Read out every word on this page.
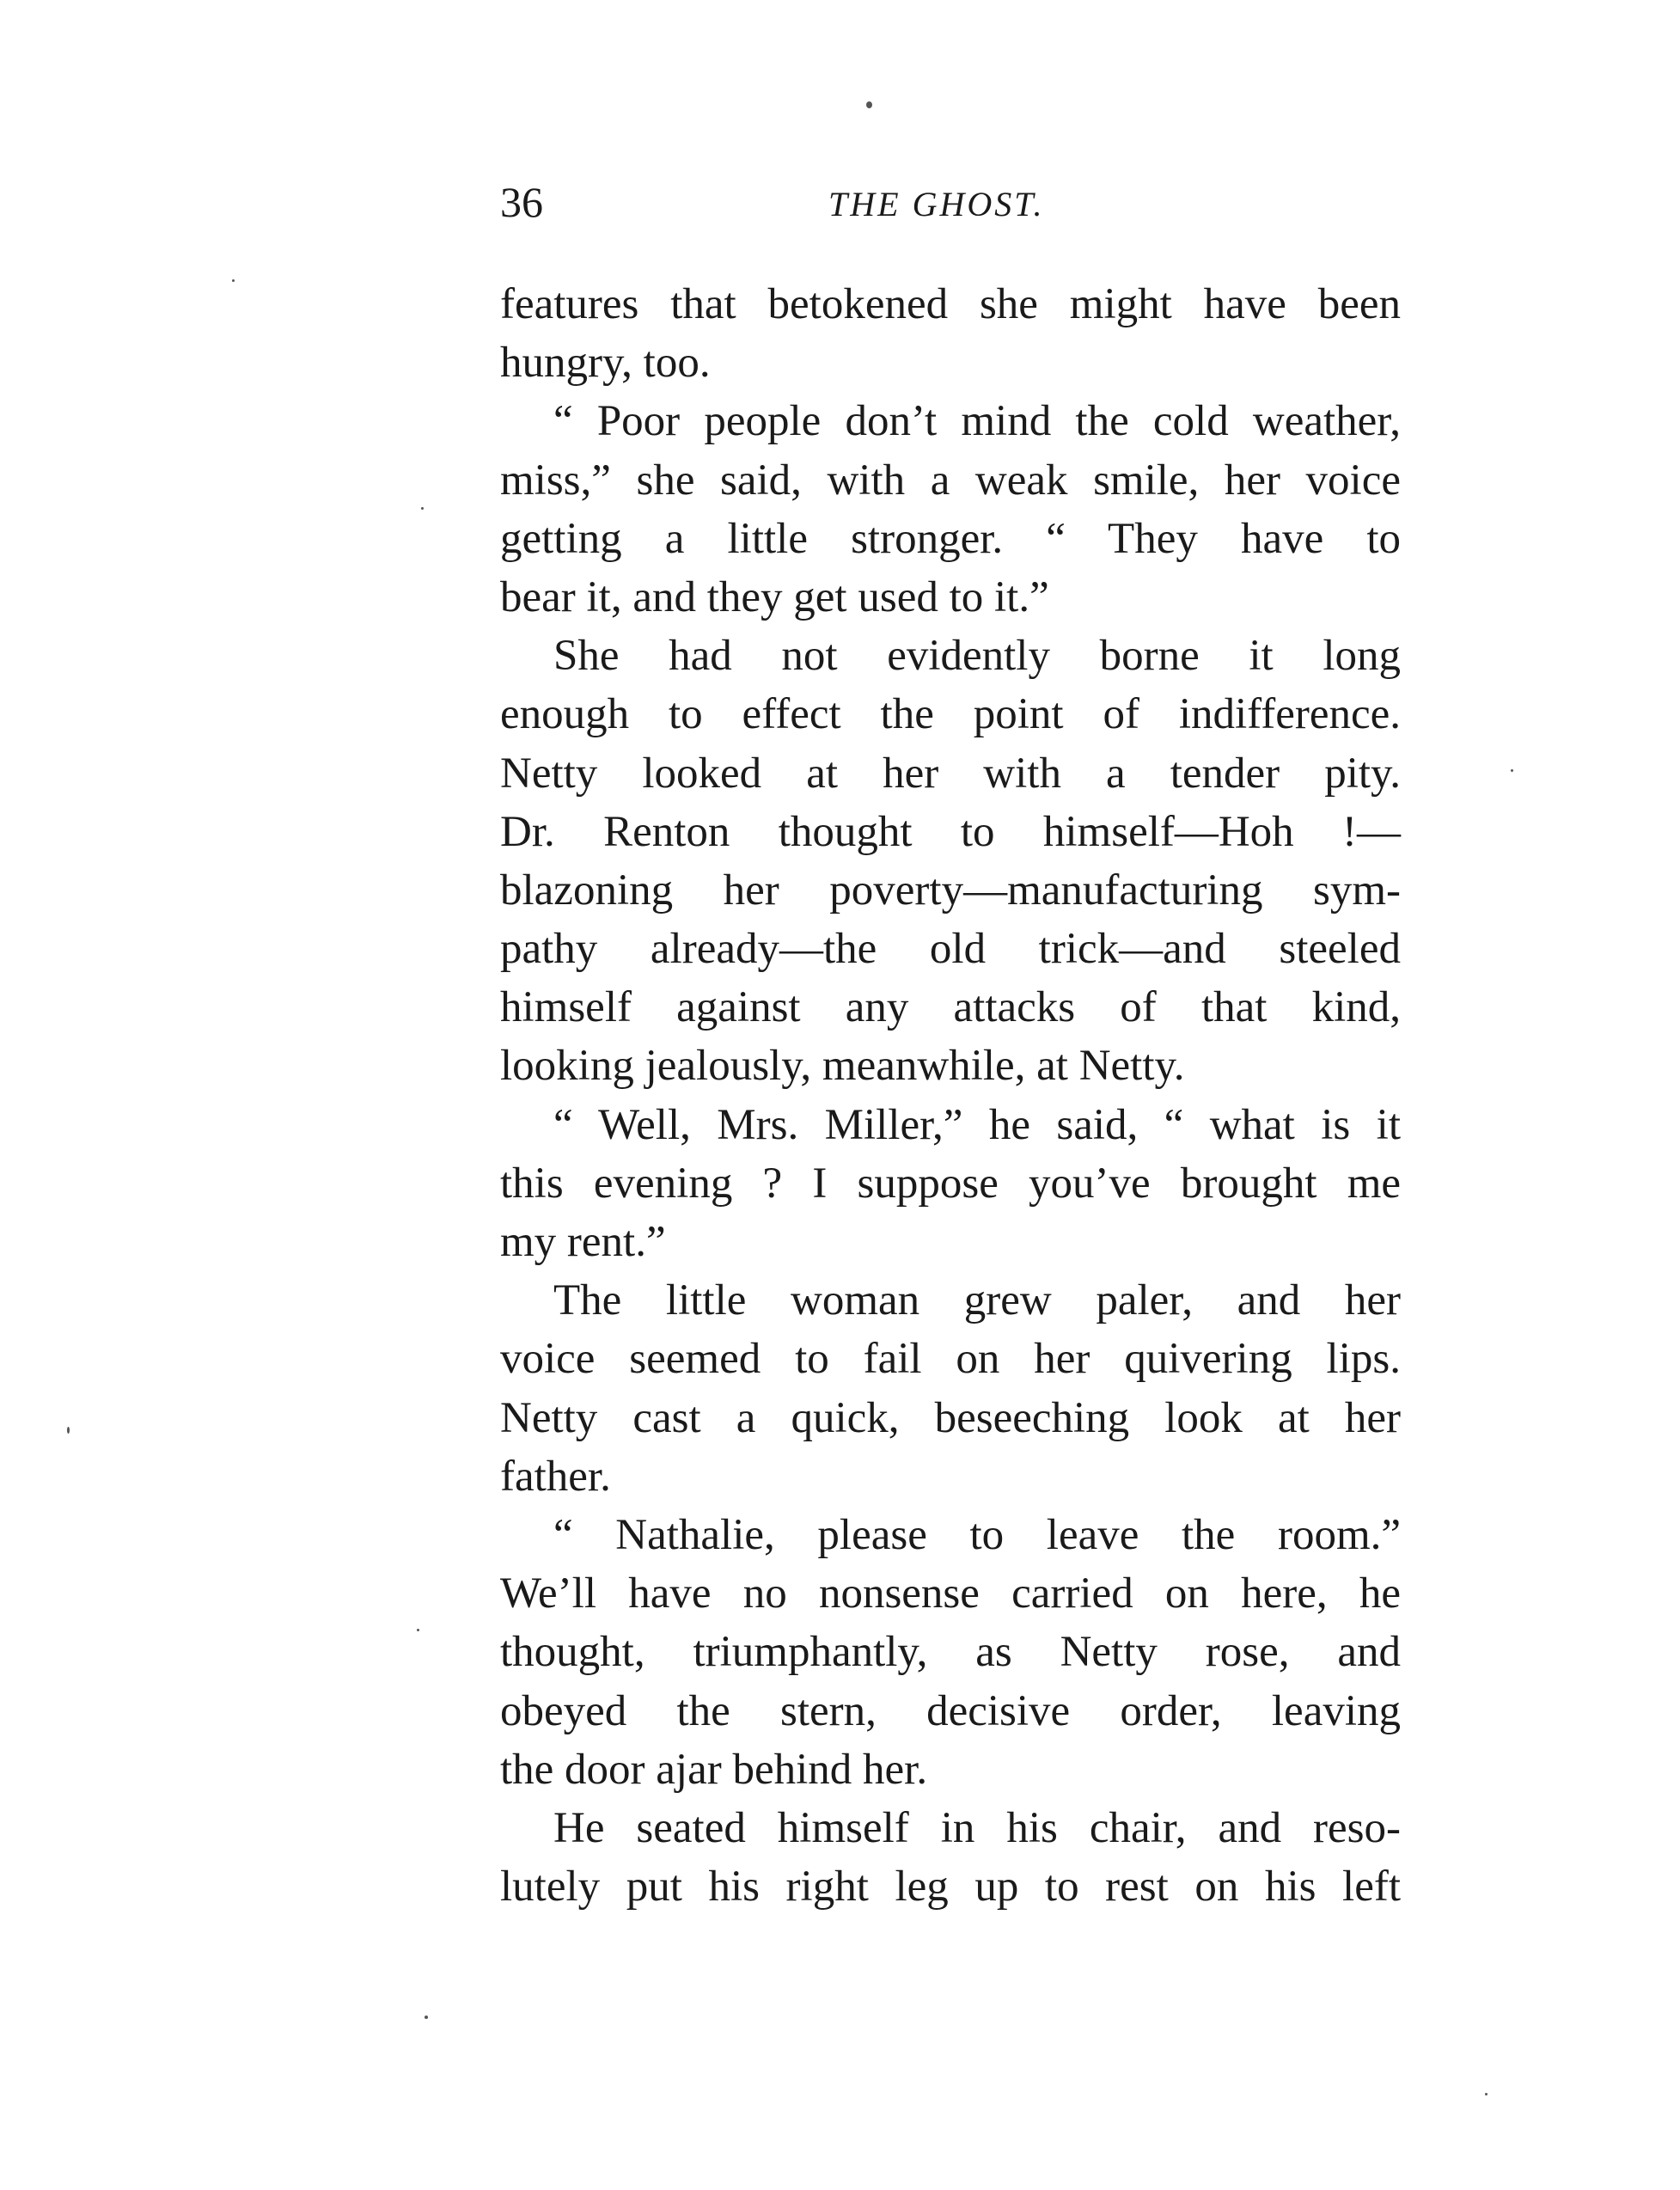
36	THE GHOST.
features that betokened she might have been
hungry, too.
“ Poor people don’t mind the cold weather,
miss,” she said, with a weak smile, her voice
getting a little stronger. “ They have to
bear it, and they get used to it.”
She had not evidently borne it long
enough to effect the point of indifference.
Netty looked at her with a tender pity.
Dr. Renton thought to himself—Hoh !—
blazoning her poverty—manufacturing sym-
pathy already—the old trick—and steeled
himself against any attacks of that kind,
looking jealously, meanwhile, at Netty.
“ Well, Mrs. Miller,” he said, “ what is it
this evening ? I suppose you’ve brought me
my rent.”
The little woman grew paler, and her
voice seemed to fail on her quivering lips.
Netty cast a quick, beseeching look at her
father.
“ Nathalie, please to leave the room.”
We’ll have no nonsense carried on here, he
thought, triumphantly, as Netty rose, and
obeyed the stern, decisive order, leaving
the door ajar behind her.
He seated himself in his chair, and reso-
lutely put his right leg up to rest on his left
